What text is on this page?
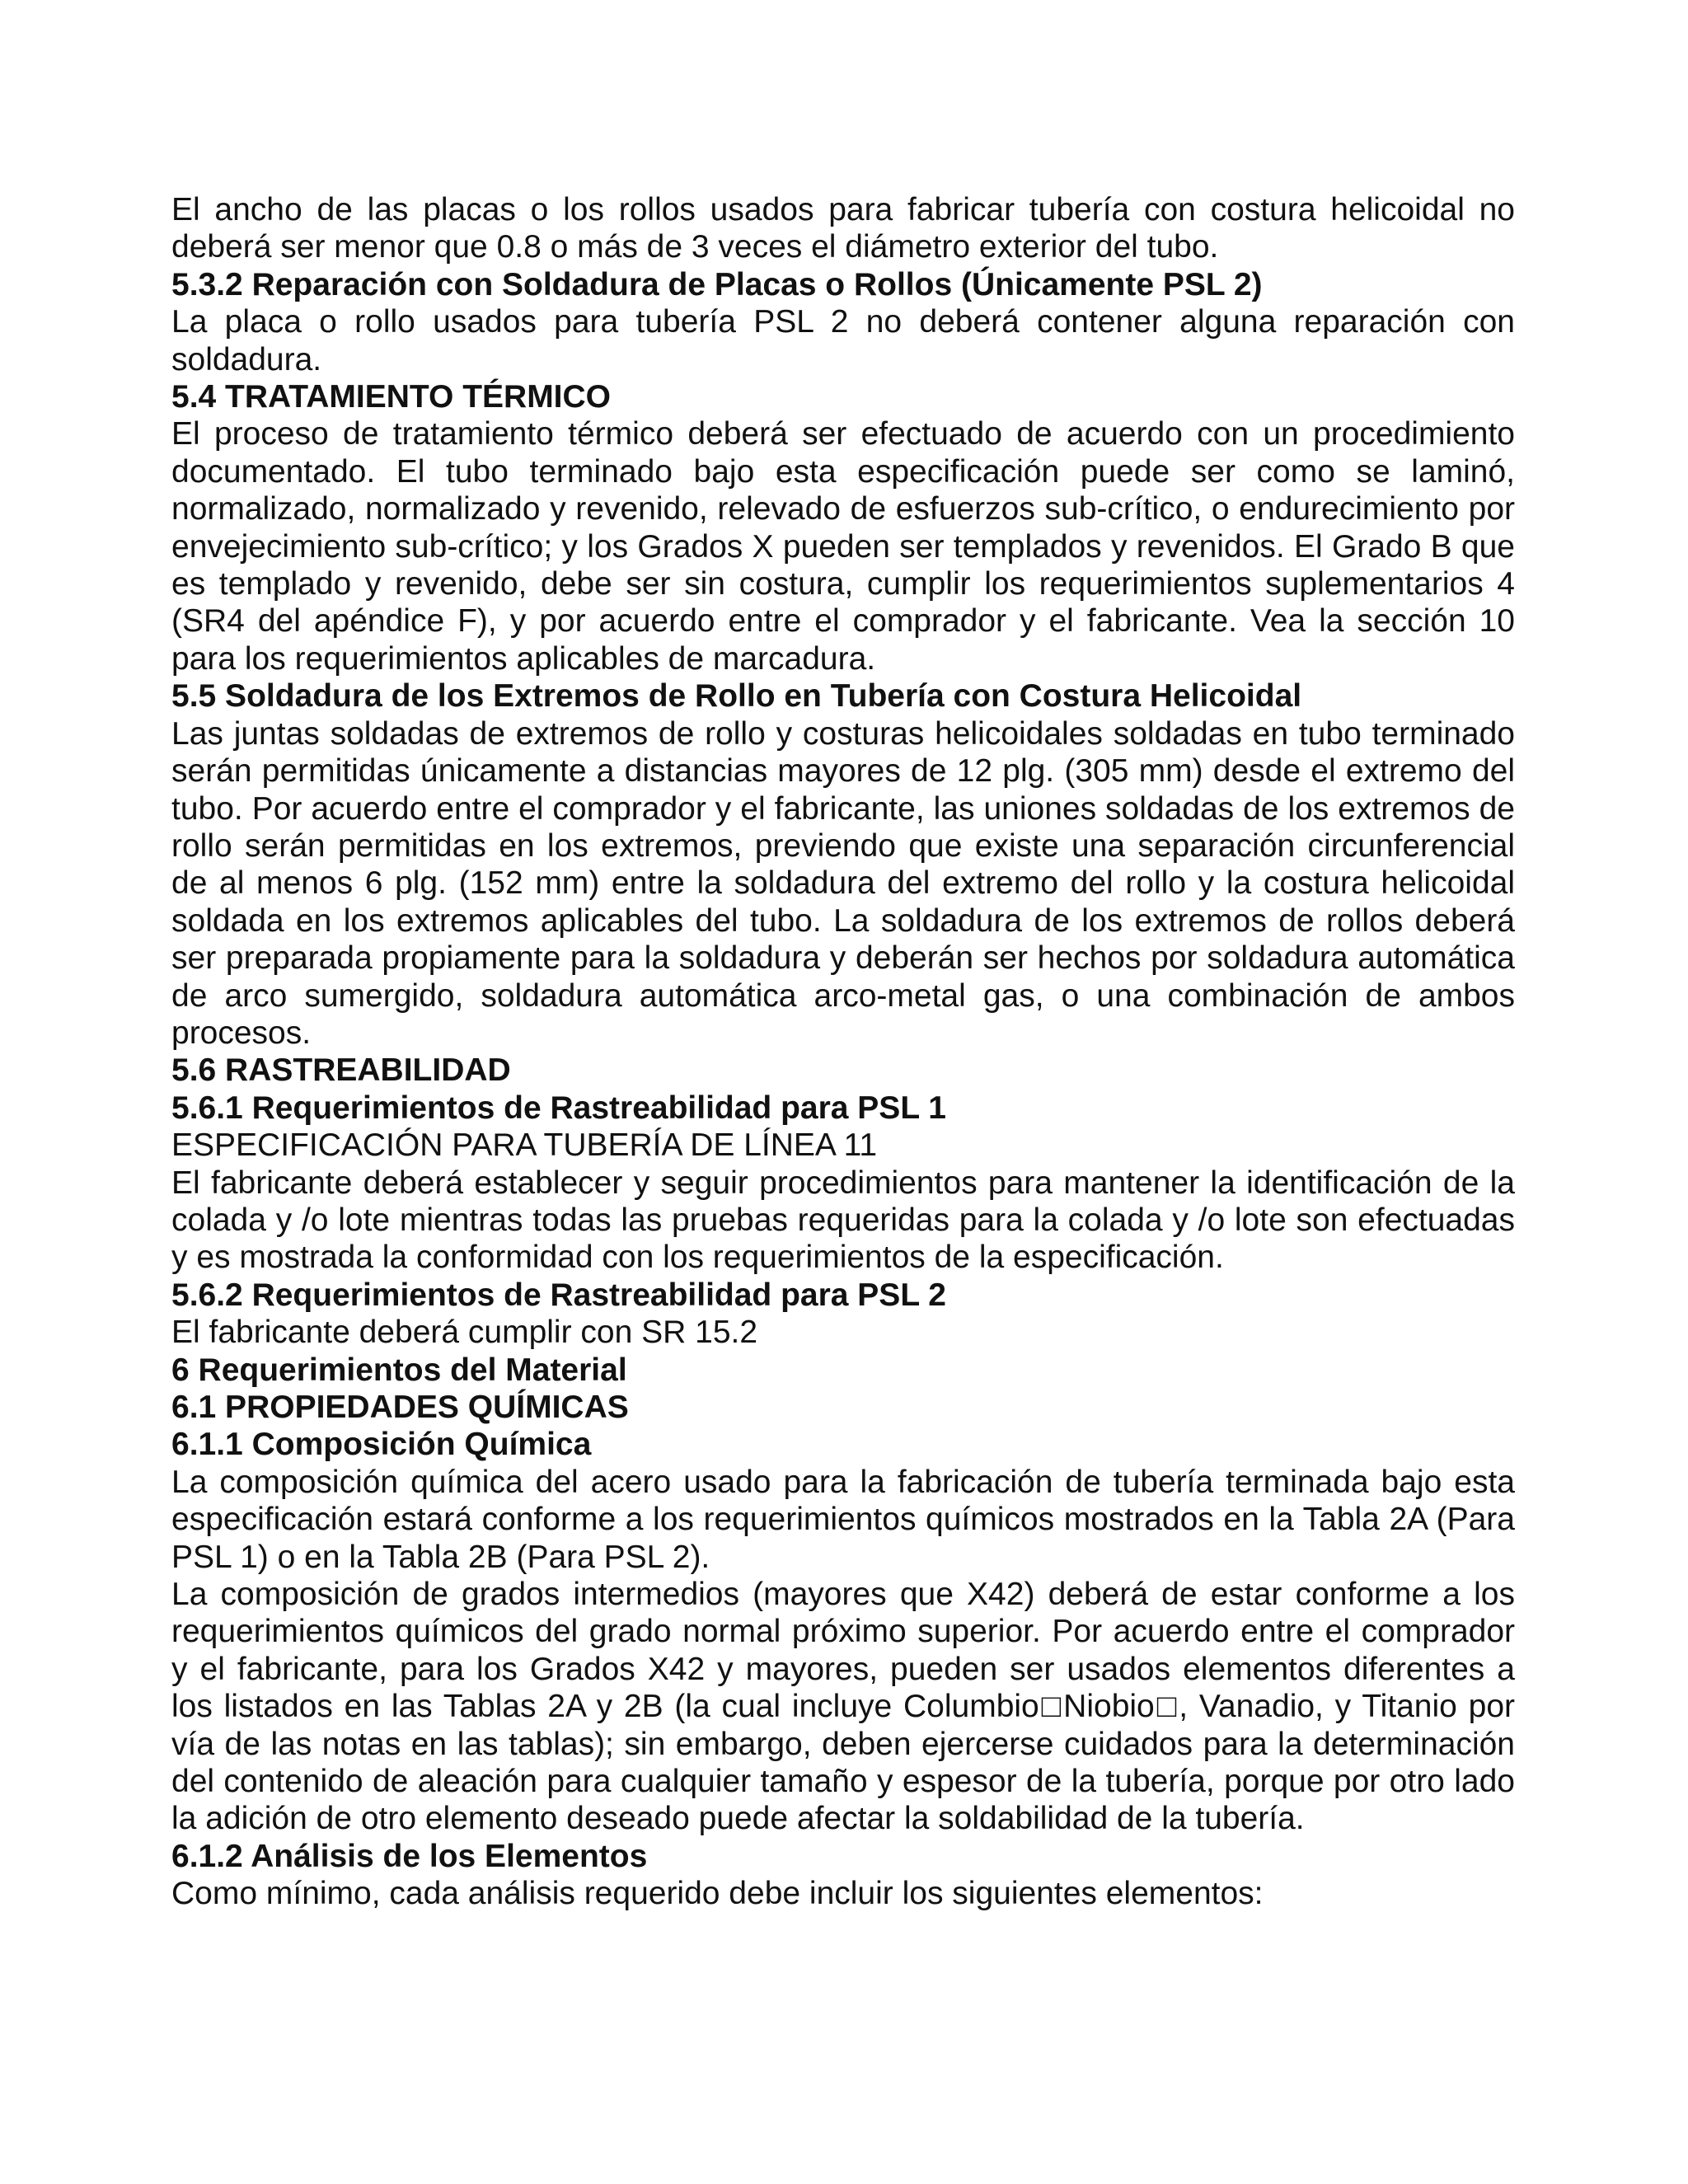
El ancho de las placas o los rollos usados para fabricar tubería con costura helicoidal no deberá ser menor que 0.8 o más de 3 veces el diámetro exterior del tubo.

5.3.2 Reparación con Soldadura de Placas o Rollos (Únicamente PSL 2)

La placa o rollo usados para tubería PSL 2 no deberá contener alguna reparación con soldadura.

5.4 TRATAMIENTO TÉRMICO

El proceso de tratamiento térmico deberá ser efectuado de acuerdo con un procedimiento documentado. El tubo terminado bajo esta especificación puede ser como se laminó, normalizado, normalizado y revenido, relevado de esfuerzos sub-crítico, o endurecimiento por envejecimiento sub-crítico; y los Grados X pueden ser templados y revenidos. El Grado B que es templado y revenido, debe ser sin costura, cumplir los requerimientos suplementarios 4 (SR4 del apéndice F), y por acuerdo entre el comprador y el fabricante. Vea la sección 10 para los requerimientos aplicables de marcadura.

5.5 Soldadura de los Extremos de Rollo en Tubería con Costura Helicoidal

Las juntas soldadas de extremos de rollo y costuras helicoidales soldadas en tubo terminado serán permitidas únicamente a distancias mayores de 12 plg. (305 mm) desde el extremo del tubo. Por acuerdo entre el comprador y el fabricante, las uniones soldadas de los extremos de rollo serán permitidas en los extremos, previendo que existe una separación circunferencial de al menos 6 plg. (152 mm) entre la soldadura del extremo del rollo y la costura helicoidal soldada en los extremos aplicables del tubo. La soldadura de los extremos de rollos deberá ser preparada propiamente para la soldadura y deberán ser hechos por soldadura automática de arco sumergido, soldadura automática arco-metal gas, o una combinación de ambos procesos.

5.6 RASTREABILIDAD

5.6.1 Requerimientos de Rastreabilidad para PSL 1

ESPECIFICACIÓN PARA TUBERÍA DE LÍNEA 11

El fabricante deberá establecer y seguir procedimientos para mantener la identificación de la colada y /o lote mientras todas las pruebas requeridas para la colada y /o lote son efectuadas y es mostrada la conformidad con los requerimientos de la especificación.

5.6.2 Requerimientos de Rastreabilidad para PSL 2

El fabricante deberá cumplir con SR 15.2

6 Requerimientos del Material

6.1 PROPIEDADES QUÍMICAS

6.1.1 Composición Química

La composición química del acero usado para la fabricación de tubería terminada bajo esta especificación estará conforme a los requerimientos químicos mostrados en la Tabla 2A (Para PSL 1) o en la Tabla 2B (Para PSL 2).

La composición de grados intermedios (mayores que X42) deberá de estar conforme a los requerimientos químicos del grado normal próximo superior. Por acuerdo entre el comprador y el fabricante, para los Grados X42 y mayores, pueden ser usados elementos diferentes a los listados en las Tablas 2A y 2B (la cual incluye Columbio□Niobio□, Vanadio, y Titanio por vía de las notas en las tablas); sin embargo, deben ejercerse cuidados para la determinación del contenido de aleación para cualquier tamaño y espesor de la tubería, porque por otro lado la adición de otro elemento deseado puede afectar la soldabilidad de la tubería.

6.1.2 Análisis de los Elementos

Como mínimo, cada análisis requerido debe incluir los siguientes elementos:
